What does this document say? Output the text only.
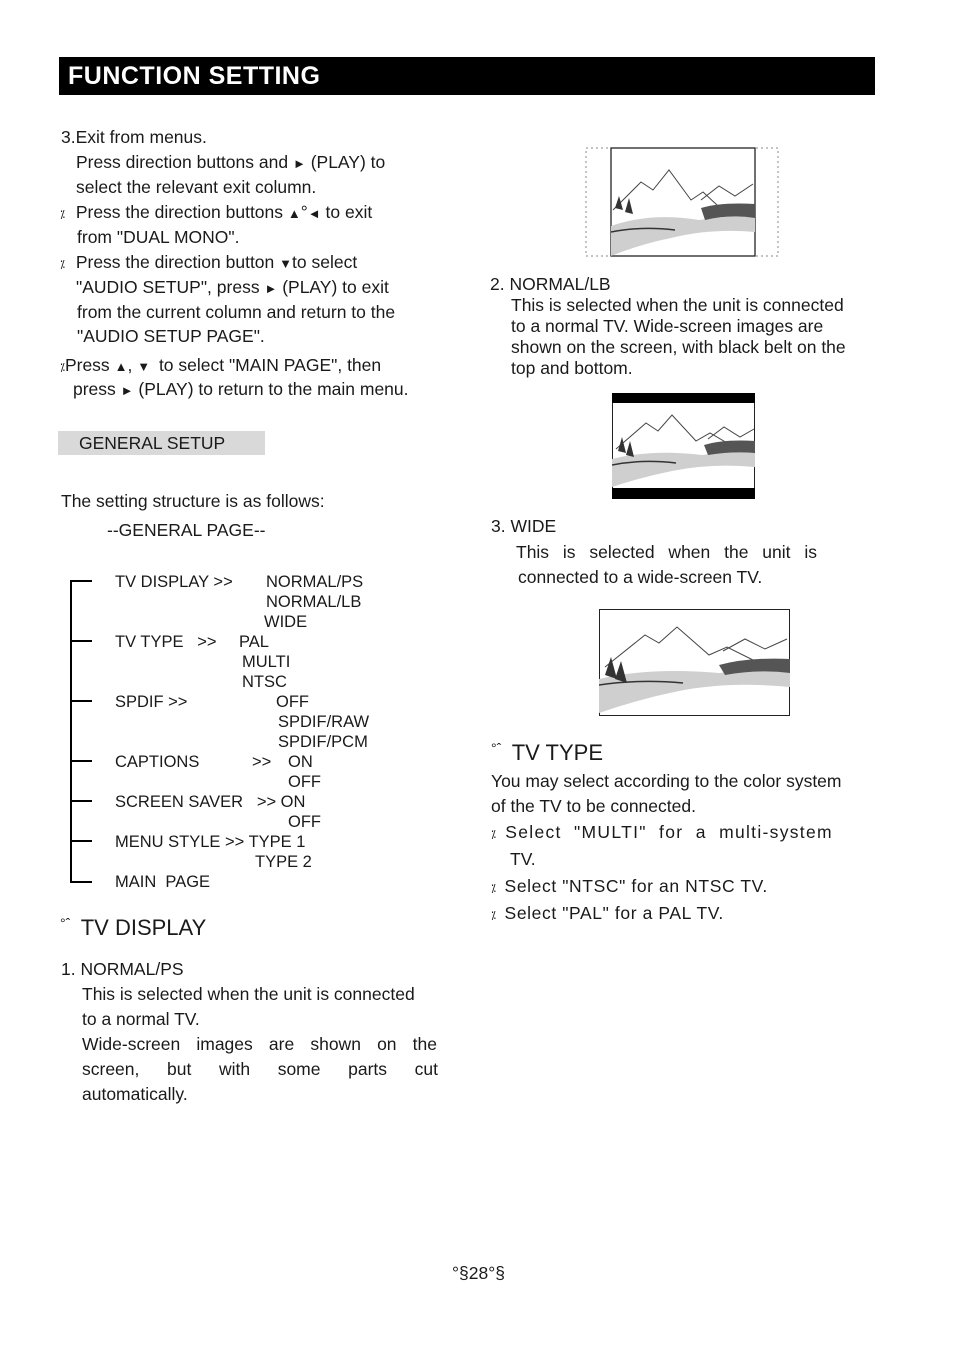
FUNCTION SETTING
3.Exit from menus.
Press direction buttons and ► (PLAY) to
select the relevant exit column.
⁒ Press the direction buttons ▲°◄ to exit
from "DUAL MONO".
⁒ Press the direction button ▼to select
"AUDIO SETUP", press ► (PLAY) to exit
from the current column and return to the
"AUDIO SETUP PAGE".
⁒Press ▲, ▼ to select "MAIN PAGE", then
press ► (PLAY) to return to the main menu.
GENERAL SETUP
The setting structure is as follows:
--GENERAL PAGE--
TV DISPLAY >> NORMAL/PS
NORMAL/LB
WIDE
TV TYPE   >> PAL
MULTI
NTSC
SPDIF >>	OFF
SPDIF/RAW
SPDIF/PCM
CAPTIONS	>> ON
OFF
SCREEN SAVER   >> ON
OFF
MENU STYLE >> TYPE 1
TYPE 2
MAIN  PAGE
°ˆ TV DISPLAY
1. NORMAL/PS
This is selected when the unit is connected
to a normal TV.
Wide-screen images are shown on the
screen, but with some parts cut
automatically.
2. NORMAL/LB
This is selected when the unit is connected
to a normal TV. Wide-screen images are
shown on the screen, with black belt on the
top and bottom.
3. WIDE
This is selected when the unit is
connected to a wide-screen TV.
°ˆ TV TYPE
You may select according to the color system
of the TV to be connected.
⁒ Select  "MULTI"  for  a  multi-system
TV.
⁒ Select "NTSC" for an NTSC TV.
⁒ Select "PAL" for a PAL TV.
°§28°§
